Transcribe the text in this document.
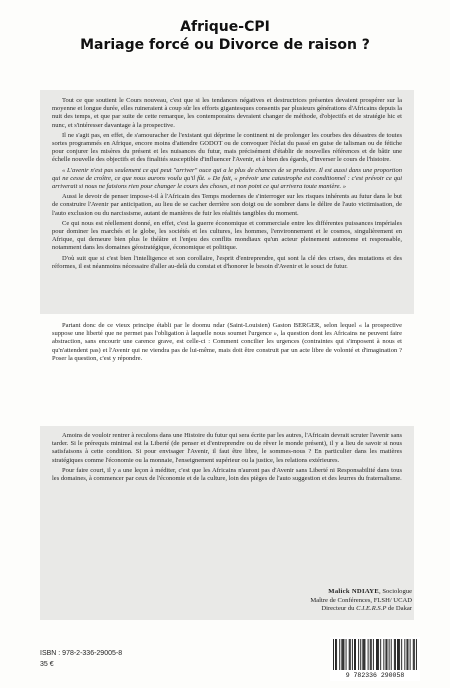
Afrique-CPI
Mariage forcé ou Divorce de raison ?

Tout ce que soutient le Cours nouveau, c'est que si les tendances négatives et destructrices présentes devaient prospérer sur la moyenne et longue durée, elles ruineraient à coup sûr les efforts gigantesques consentis par plusieurs générations d'Africains depuis la nuit des temps, et que par suite de cette remarque, les contemporains devraient changer de méthode, d'objectifs et de stratégie hic et nunc, et s'intéresser davantage à la prospective.

Il ne s'agit pas, en effet, de s'amouracher de l'existant qui déprime le continent ni de prolonger les courbes des désastres de toutes sortes programmés en Afrique, encore moins d'attendre GODOT ou de convoquer l'éclat du passé en guise de talisman ou de fétiche pour conjurer les misères du présent et les nuisances du futur, mais précisément d'établir de nouvelles références et de bâtir une échelle nouvelle des objectifs et des finalités susceptible d'influencer l'Avenir, et à bien des égards, d'inverser le cours de l'histoire.

« L'avenir n'est pas seulement ce qui peut "arriver" ouce qui a le plus de chances de se produire. Il est aussi dans une proportion qui ne cesse de croître, ce que nous aurons voulu qu'il fût. » De fait, « prévoir une catastrophe est conditionnel : c'est prévoir ce qui arriverait si nous ne faisions rien pour changer le cours des choses, et non point ce qui arrivera toute manière. »

Aussi le devoir de penser impose-t-il à l'Africain des Temps modernes de s'interroger sur les risques inhérents au futur dans le but de construire l'Avenir par anticipation, au lieu de se cacher derrière son doigt ou de sombrer dans le délire de l'auto victimisation, de l'auto exclusion ou du narcissisme, autant de manières de fuir les réalités tangibles du moment.

Ce qui nous est réellement donné, en effet, c'est la guerre économique et commerciale entre les différentes puissances impériales pour dominer les marchés et le globe, les sociétés et les cultures, les hommes, l'environnement et le cosmos, singulièrement en Afrique, qui demeure bien plus le théâtre et l'enjeu des conflits mondiaux qu'un acteur pleinement autonome et responsable, notamment dans les domaines géostratégique, économique et politique.

D'où suit que si c'est bien l'intelligence et son corollaire, l'esprit d'entreprendre, qui sont la clé des crises, des mutations et des réformes, il est néanmoins nécessaire d'aller au-delà du constat et d'honorer le besoin d'Avenir et le souci de futur.

Partant donc de ce vieux principe établi par le doomu ndar (Saint-Louisien) Gaston BERGER, selon lequel « la prospective suppose une liberté que ne permet pas l'obligation à laquelle nous soumet l'urgence », la question dont les Africains ne peuvent faire abstraction, sans encourir une carence grave, est celle-ci : Comment concilier les urgences (contraintes qui s'imposent à nous et qu'n'attendent pas) et l'Avenir qui ne viendra pas de lui-même, mais doit être construit par un acte libre de volonté et d'imagination ? Poser la question, c'est y répondre.

Amoins de vouloir rentrer à reculons dans une Histoire du futur qui sera écrite par les autres, l'Africain devrait scruter l'avenir sans tarder. Si le prérequis minimal est la Liberté (de penser et d'entreprendre ou de rêver le monde présent), il y a lieu de savoir si nous satisfaisons à cette condition. Si pour envisager l'Avenir, il faut être libre, le sommes-nous ? En particulier dans les matières stratégiques comme l'économie ou la monnaie, l'enseignement supérieur ou la justice, les relations extérieures.

Pour faire court, il y a une leçon à méditer, c'est que les Africains n'auront pas d'Avenir sans Liberté ni Responsabilité dans tous les domaines, à commencer par ceux de l'économie et de la culture, loin des pièges de l'auto suggestion et des leurres du fraternalisme.

Malick NDIAYE, Sociologue
Maître de Conférences, FLSH/ UCAD
Directeur du C.I.E.R.S.P de Dakar
ISBN : 978-2-336-29005-8
35 €
9 782336 290058
